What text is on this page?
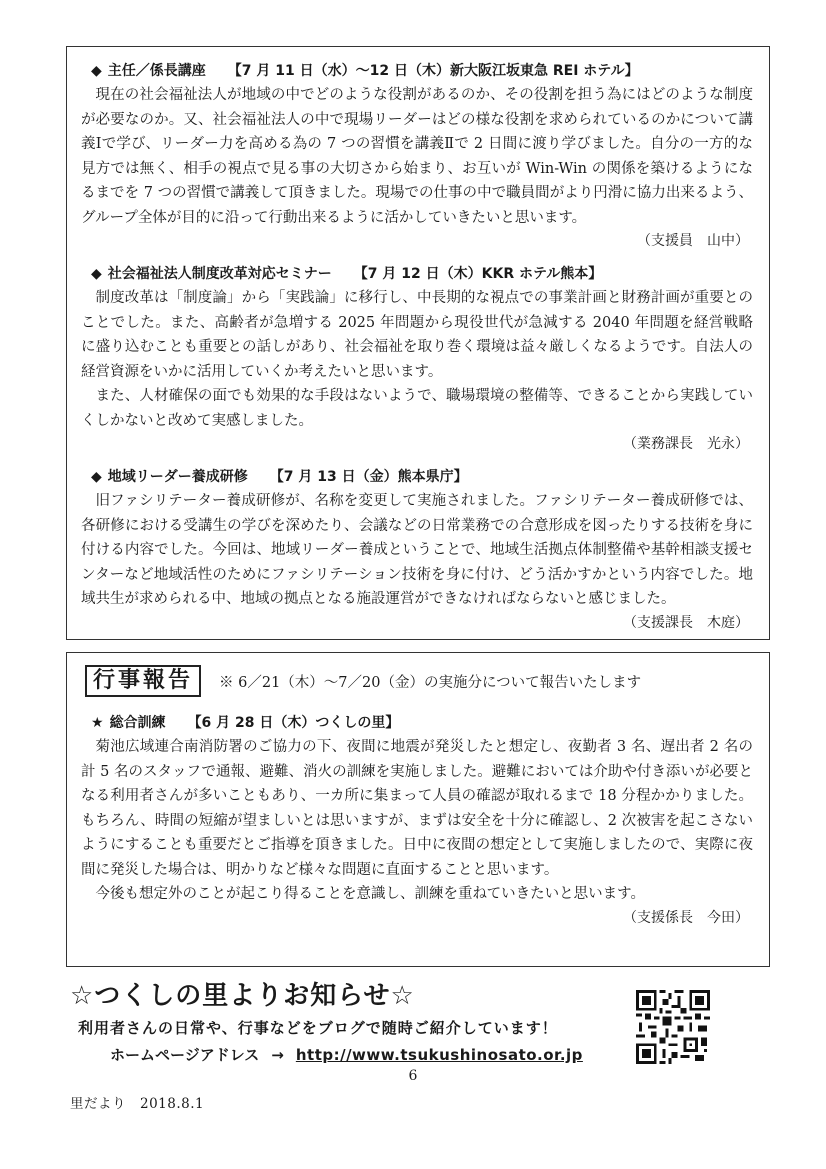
◆ 主任／係長講座 【7 月 11 日（水）～12 日（木）新大阪江坂東急 REI ホテル】

現在の社会福祉法人が地域の中でどのような役割があるのか、その役割を担う為にはどのような制度が必要なのか。又、社会福祉法人の中で現場リーダーはどの様な役割を求められているのかについて講義Ⅰで学び、リーダー力を高める為の 7 つの習慣を講義Ⅱで 2 日間に渡り学びました。自分の一方的な見方では無く、相手の視点で見る事の大切さから始まり、お互いが Win-Win の関係を築けるようになるまでを 7 つの習慣で講義して頂きました。現場での仕事の中で職員間がより円滑に協力出来るよう、グループ全体が目的に沿って行動出来るように活かしていきたいと思います。

（支援員　山中）
◆ 社会福祉法人制度改革対応セミナー 【7 月 12 日（木）KKR ホテル熊本】

制度改革は「制度論」から「実践論」に移行し、中長期的な視点での事業計画と財務計画が重要とのことでした。また、高齢者が急増する 2025 年問題から現役世代が急減する 2040 年問題を経営戦略に盛り込むことも重要との話しがあり、社会福祉を取り巻く環境は益々厳しくなるようです。自法人の経営資源をいかに活用していくか考えたいと思います。

また、人材確保の面でも効果的な手段はないようで、職場環境の整備等、できることから実践していくしかないと改めて実感しました。

（業務課長　光永）
◆ 地域リーダー養成研修 【7 月 13 日（金）熊本県庁】

旧ファシリテーター養成研修が、名称を変更して実施されました。ファシリテーター養成研修では、各研修における受講生の学びを深めたり、会議などの日常業務での合意形成を図ったりする技術を身に付ける内容でした。今回は、地域リーダー養成ということで、地域生活拠点体制整備や基幹相談支援センターなど地域活性のためにファシリテーション技術を身に付け、どう活かすかという内容でした。地域共生が求められる中、地域の拠点となる施設運営ができなければならないと感じました。

（支援課長　木庭）
行事報告	※ 6／21（木）～7／20（金）の実施分について報告いたします
★ 総合訓練 【6 月 28 日（木）つくしの里】

菊池広域連合南消防署のご協力の下、夜間に地震が発災したと想定し、夜勤者 3 名、遅出者 2 名の計 5 名のスタッフで通報、避難、消火の訓練を実施しました。避難においては介助や付き添いが必要となる利用者さんが多いこともあり、一カ所に集まって人員の確認が取れるまで 18 分程かかりました。もちろん、時間の短縮が望ましいとは思いますが、まずは安全を十分に確認し、2 次被害を起こさないようにすることも重要だとご指導を頂きました。日中に夜間の想定として実施しましたので、実際に夜間に発災した場合は、明かりなど様々な問題に直面することと思います。

今後も想定外のことが起こり得ることを意識し、訓練を重ねていきたいと思います。

（支援係長　今田）
☆つくしの里よりお知らせ☆
利用者さんの日常や、行事などをブログで随時ご紹介しています！
ホームページアドレス → http://www.tsukushinosato.or.jp
6
里だより　2018.8.1
